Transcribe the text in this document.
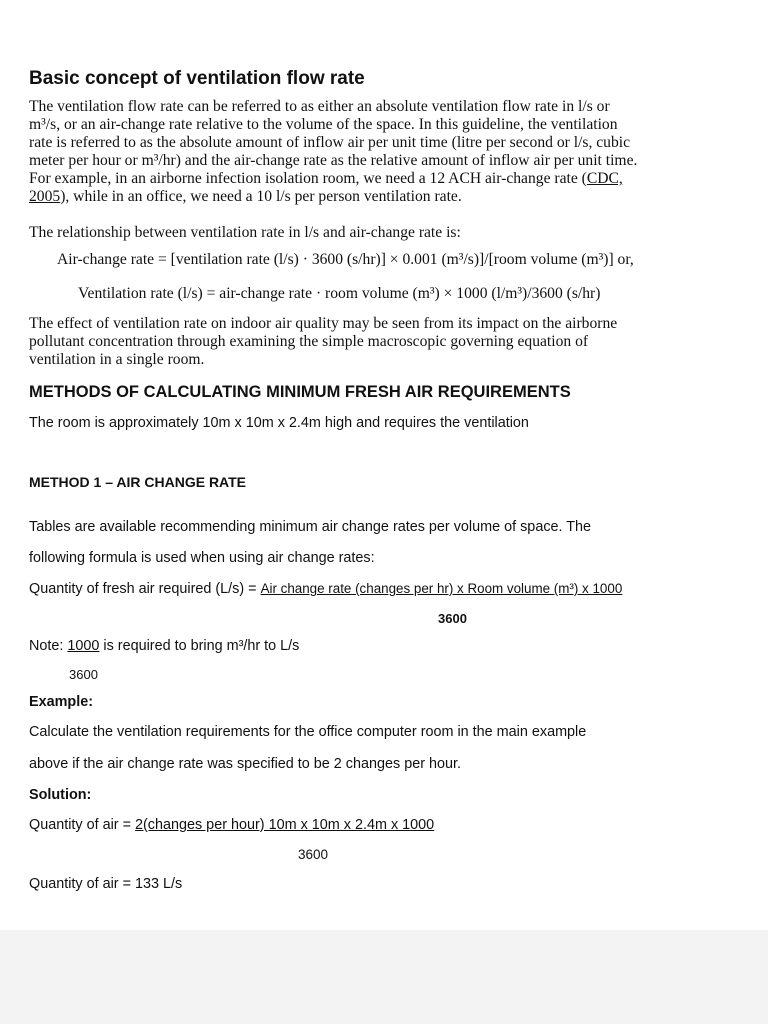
Basic concept of ventilation flow rate
The ventilation flow rate can be referred to as either an absolute ventilation flow rate in l/s or
m³/s, or an air-change rate relative to the volume of the space. In this guideline, the ventilation
rate is referred to as the absolute amount of inflow air per unit time (litre per second or l/s, cubic
meter per hour or m³/hr) and the air-change rate as the relative amount of inflow air per unit time.
For example, in an airborne infection isolation room, we need a 12 ACH air-change rate (CDC,
2005), while in an office, we need a 10 l/s per person ventilation rate.
The relationship between ventilation rate in l/s and air-change rate is:
Air-change rate = [ventilation rate (l/s) · 3600 (s/hr)] × 0.001 (m³/s)]/[room volume (m³)] or,
Ventilation rate (l/s) = air-change rate · room volume (m³) × 1000 (l/m³)/3600 (s/hr)
The effect of ventilation rate on indoor air quality may be seen from its impact on the airborne
pollutant concentration through examining the simple macroscopic governing equation of
ventilation in a single room.
METHODS OF CALCULATING MINIMUM FRESH AIR REQUIREMENTS
The room is approximately 10m x 10m x 2.4m high and requires the ventilation
METHOD 1 – AIR CHANGE RATE
Tables are available recommending minimum air change rates per volume of space. The
following formula is used when using air change rates:
Quantity of fresh air required (L/s) = Air change rate (changes per hr) x Room volume (m³) x 1000
3600
Note: 1000 is required to bring m³/hr to L/s
3600
Example:
Calculate the ventilation requirements for the office computer room in the main example
above if the air change rate was specified to be 2 changes per hour.
Solution:
Quantity of air = 2(changes per hour) 10m x 10m x 2.4m x 1000
3600
Quantity of air = 133 L/s
